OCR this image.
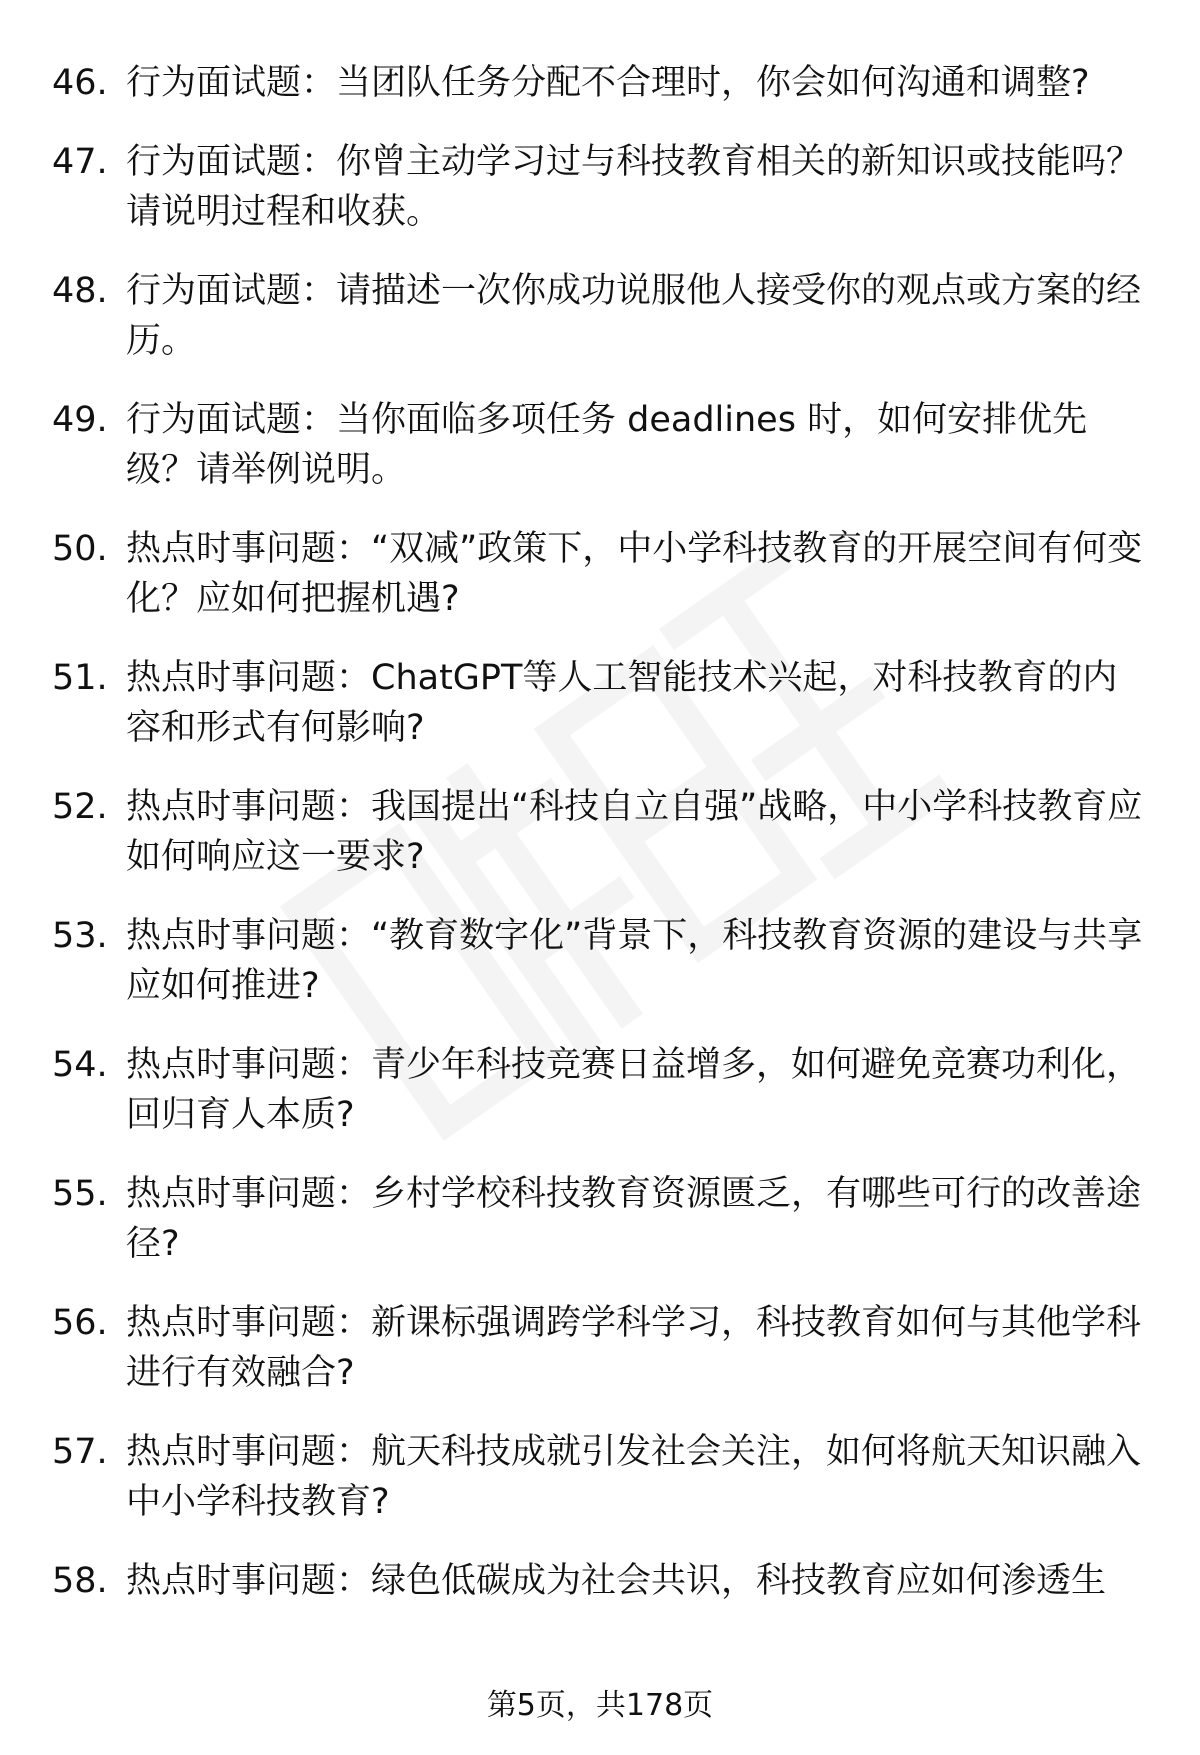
46. 行为面试题：当团队任务分配不合理时，你会如何沟通和调整?
47. 行为面试题：你曾主动学习过与科技教育相关的新知识或技能吗？请说明过程和收获。
48. 行为面试题：请描述一次你成功说服他人接受你的观点或方案的经历。
49. 行为面试题：当你面临多项任务 deadlines 时，如何安排优先级？请举例说明。
50. 热点时事问题：“双减”政策下，中小学科技教育的开展空间有何变化？应如何把握机遇?
51. 热点时事问题：ChatGPT等人工智能技术兴起，对科技教育的内容和形式有何影响?
52. 热点时事问题：我国提出“科技自立自强”战略，中小学科技教育应如何响应这一要求?
53. 热点时事问题：“教育数字化”背景下，科技教育资源的建设与共享应如何推进?
54. 热点时事问题：青少年科技竞赛日益增多，如何避免竞赛功利化，回归育人本质?
55. 热点时事问题：乡村学校科技教育资源匮乏，有哪些可行的改善途径?
56. 热点时事问题：新课标强调跨学科学习，科技教育如何与其他学科进行有效融合?
57. 热点时事问题：航天科技成就引发社会关注，如何将航天知识融入中小学科技教育?
58. 热点时事问题：绿色低碳成为社会共识，科技教育应如何渗透生
第5页，共178页
